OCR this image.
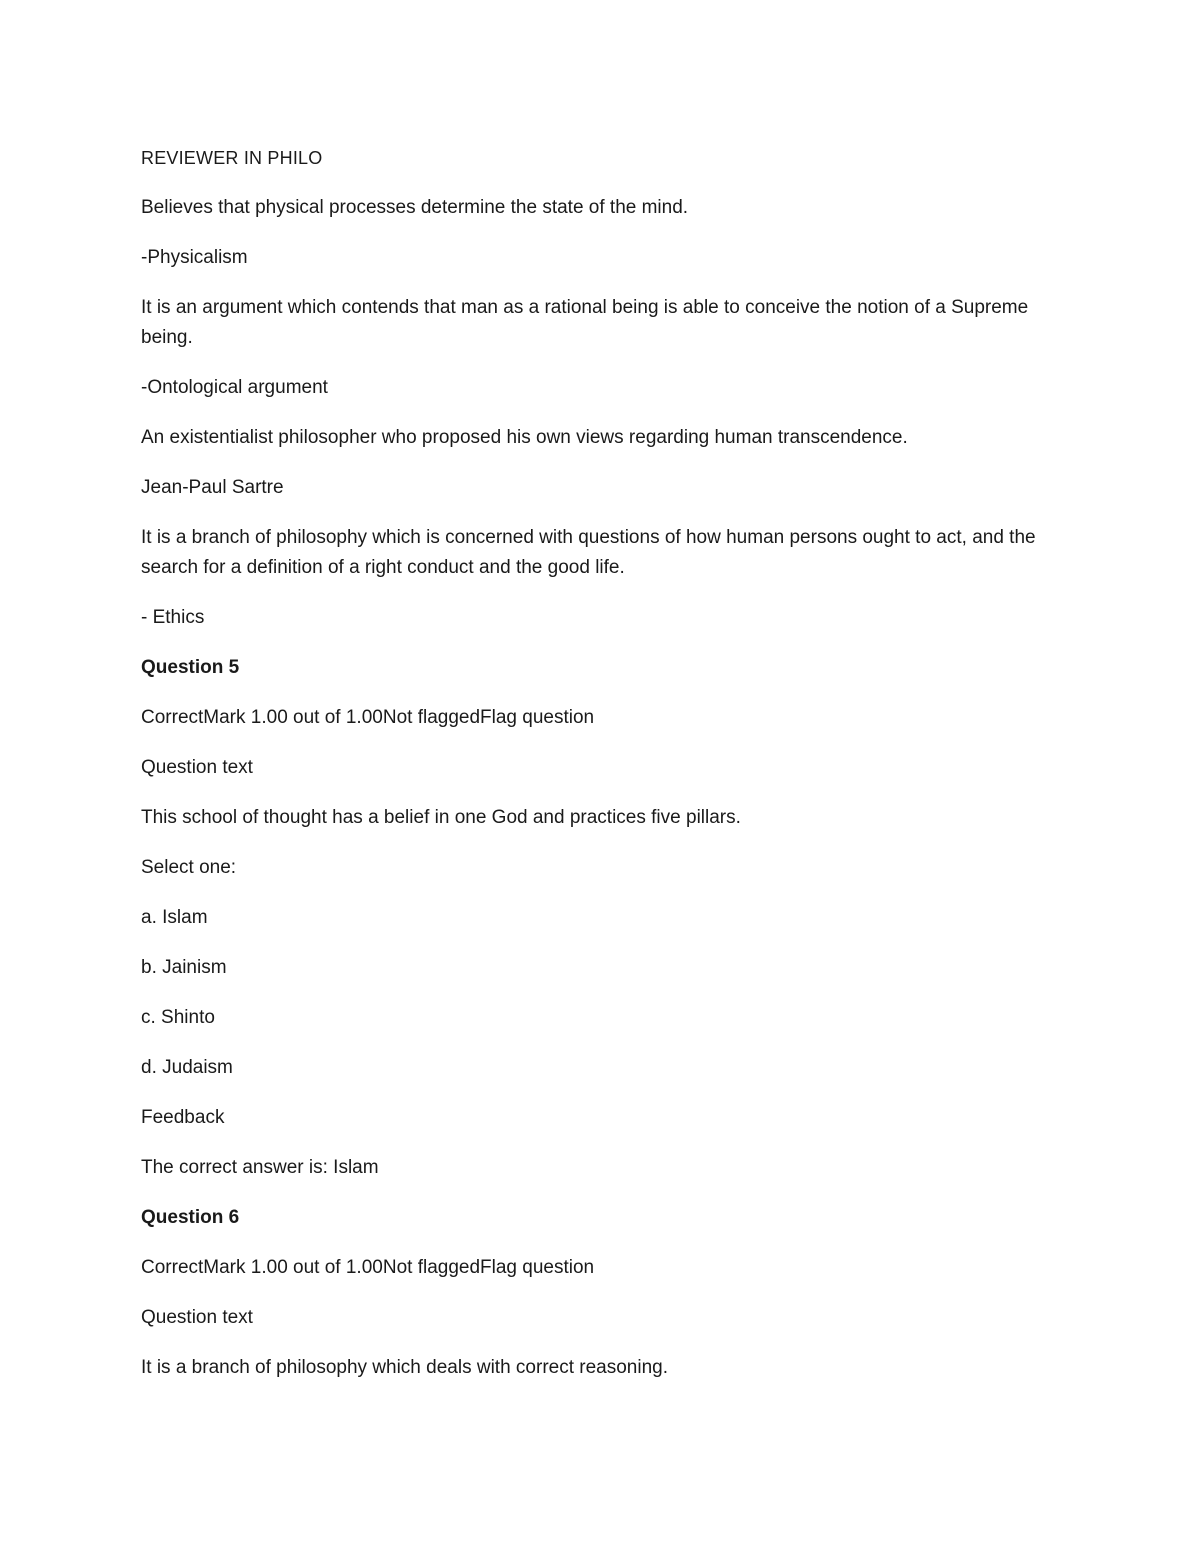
REVIEWER IN PHILO

Believes that physical processes determine the state of the mind.

-Physicalism

It is an argument which contends that man as a rational being is able to conceive the notion of a Supreme being.

-Ontological argument

An existentialist philosopher who proposed his own views regarding human transcendence.

Jean-Paul Sartre

It is a branch of philosophy which is concerned with questions of how human persons ought to act, and the search for a definition of a right conduct and the good life.

- Ethics

Question 5

CorrectMark 1.00 out of 1.00Not flaggedFlag question

Question text

This school of thought has a belief in one God and practices five pillars.

Select one:

a. Islam

b. Jainism

c. Shinto

d. Judaism

Feedback

The correct answer is: Islam

Question 6

CorrectMark 1.00 out of 1.00Not flaggedFlag question

Question text

It is a branch of philosophy which deals with correct reasoning.
